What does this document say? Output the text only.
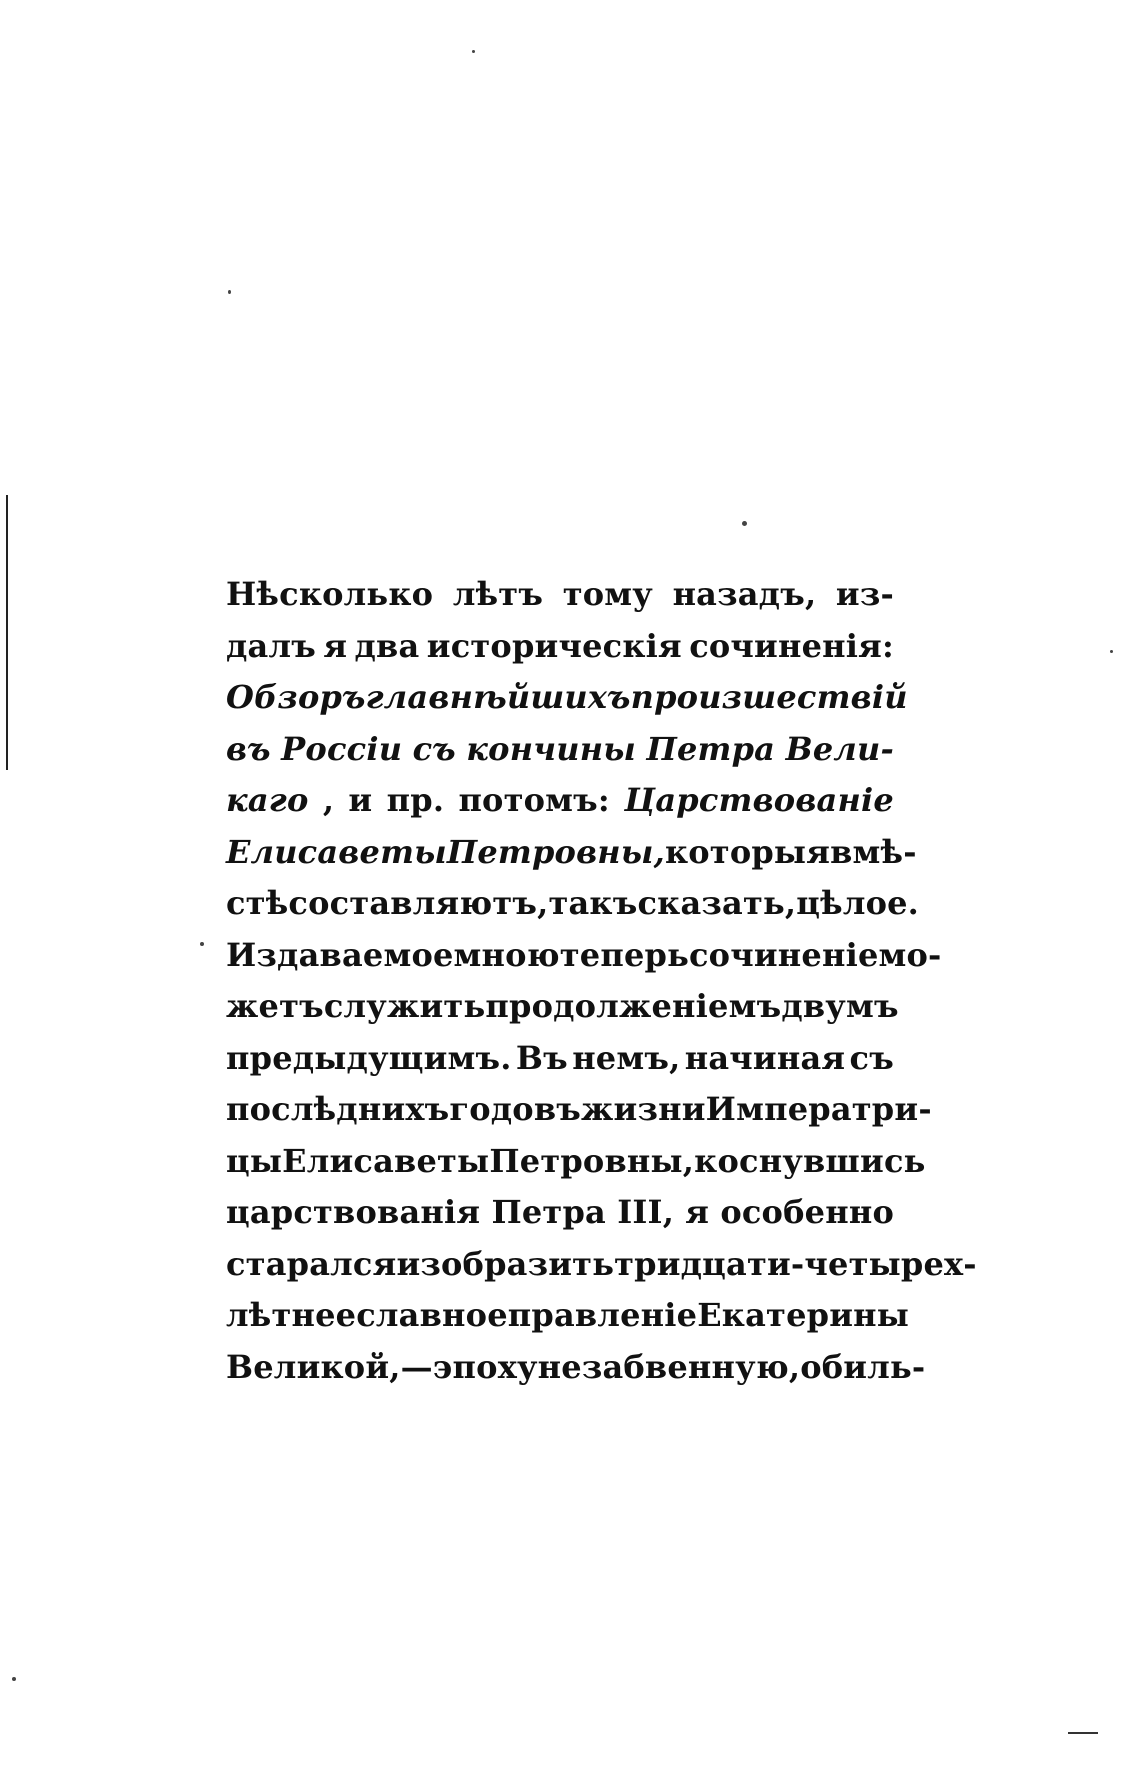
Нѣсколько лѣтъ тому назадъ, из-
далъ я два историческія сочиненія:
Обзоръ главнѣйшихъ произшествій
въ Россіи съ кончины Петра Вели-
каго , и пр. потомъ: Царствованіе
Елисаветы Петровны, которыя вмѣ-
стѣ составляютъ, такъ сказать, цѣлое.
Издаваемое мною теперь сочиненіе мо-
жетъ служить продолженіемъ двумъ
предыдущимъ. Въ немъ, начиная съ
послѣднихъ годовъ жизни Императри-
цы Елисаветы Петровны, коснувшись
царствованія Петра III, я особенно
старался изобразить тридцати-четырех-
лѣтнее славное правленіе Екатерины
Великой, — эпоху незабвенную, обиль-
